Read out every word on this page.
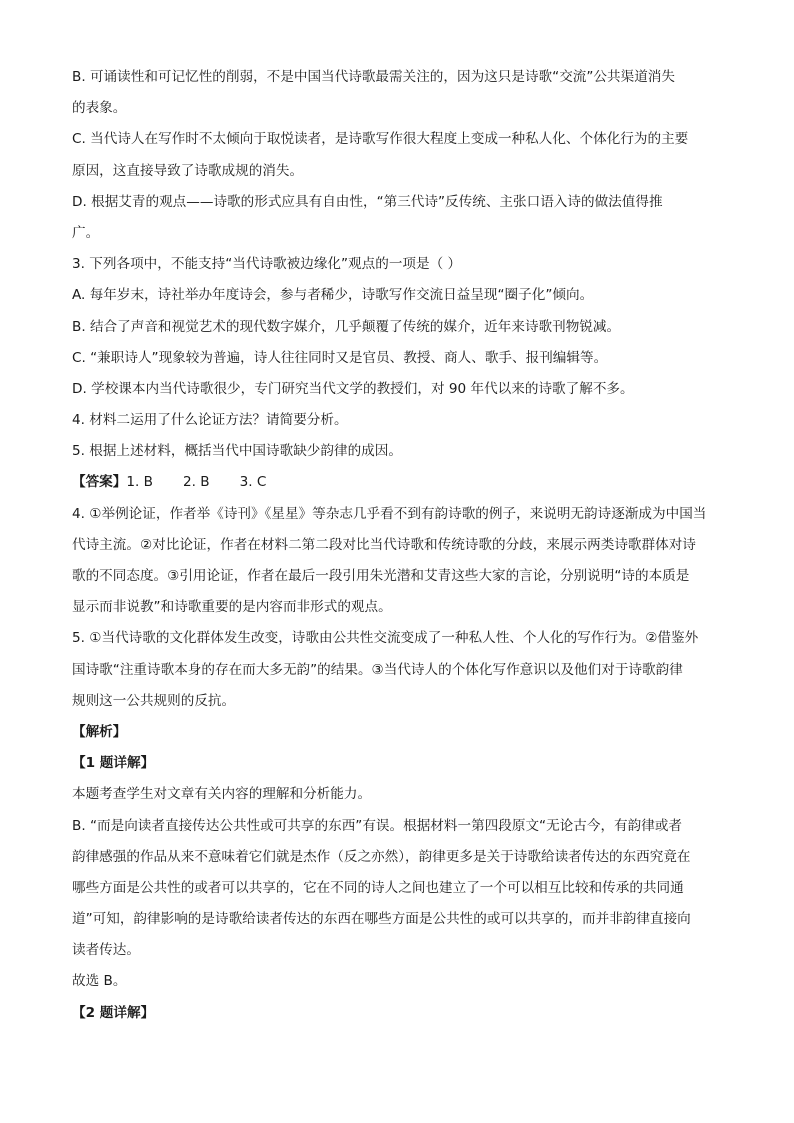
B. 可诵读性和可记忆性的削弱，不是中国当代诗歌最需关注的，因为这只是诗歌“交流”公共渠道消失
的表象。
C. 当代诗人在写作时不太倾向于取悦读者，是诗歌写作很大程度上变成一种私人化、个体化行为的主要
原因，这直接导致了诗歌成规的消失。
D. 根据艾青的观点——诗歌的形式应具有自由性，“第三代诗”反传统、主张口语入诗的做法值得推
广。
3. 下列各项中，不能支持“当代诗歌被边缘化”观点的一项是（ ）
A. 每年岁末，诗社举办年度诗会，参与者稀少，诗歌写作交流日益呈现“圈子化”倾向。
B. 结合了声音和视觉艺术的现代数字媒介，几乎颠覆了传统的媒介，近年来诗歌刊物锐减。
C. “兼职诗人”现象较为普遍，诗人往往同时又是官员、教授、商人、歌手、报刊编辑等。
D. 学校课本内当代诗歌很少，专门研究当代文学的教授们，对 90 年代以来的诗歌了解不多。
4. 材料二运用了什么论证方法？请简要分析。
5. 根据上述材料，概括当代中国诗歌缺少韵律的成因。
【答案】1. B 2. B 3. C
4. ①举例论证，作者举《诗刊》《星星》等杂志几乎看不到有韵诗歌的例子，来说明无韵诗逐渐成为中国当
代诗主流。②对比论证，作者在材料二第二段对比当代诗歌和传统诗歌的分歧，来展示两类诗歌群体对诗
歌的不同态度。③引用论证，作者在最后一段引用朱光潜和艾青这些大家的言论，分别说明“诗的本质是
显示而非说教”和诗歌重要的是内容而非形式的观点。
5. ①当代诗歌的文化群体发生改变，诗歌由公共性交流变成了一种私人性、个人化的写作行为。②借鉴外
国诗歌“注重诗歌本身的存在而大多无韵”的结果。③当代诗人的个体化写作意识以及他们对于诗歌韵律
规则这一公共规则的反抗。
【解析】
【1 题详解】
本题考查学生对文章有关内容的理解和分析能力。
B. “而是向读者直接传达公共性或可共享的东西”有误。根据材料一第四段原文“无论古今，有韵律或者
韵律感强的作品从来不意味着它们就是杰作（反之亦然），韵律更多是关于诗歌给读者传达的东西究竟在
哪些方面是公共性的或者可以共享的，它在不同的诗人之间也建立了一个可以相互比较和传承的共同通
道”可知，韵律影响的是诗歌给读者传达的东西在哪些方面是公共性的或可以共享的，而并非韵律直接向
读者传达。
故选 B。
【2 题详解】
